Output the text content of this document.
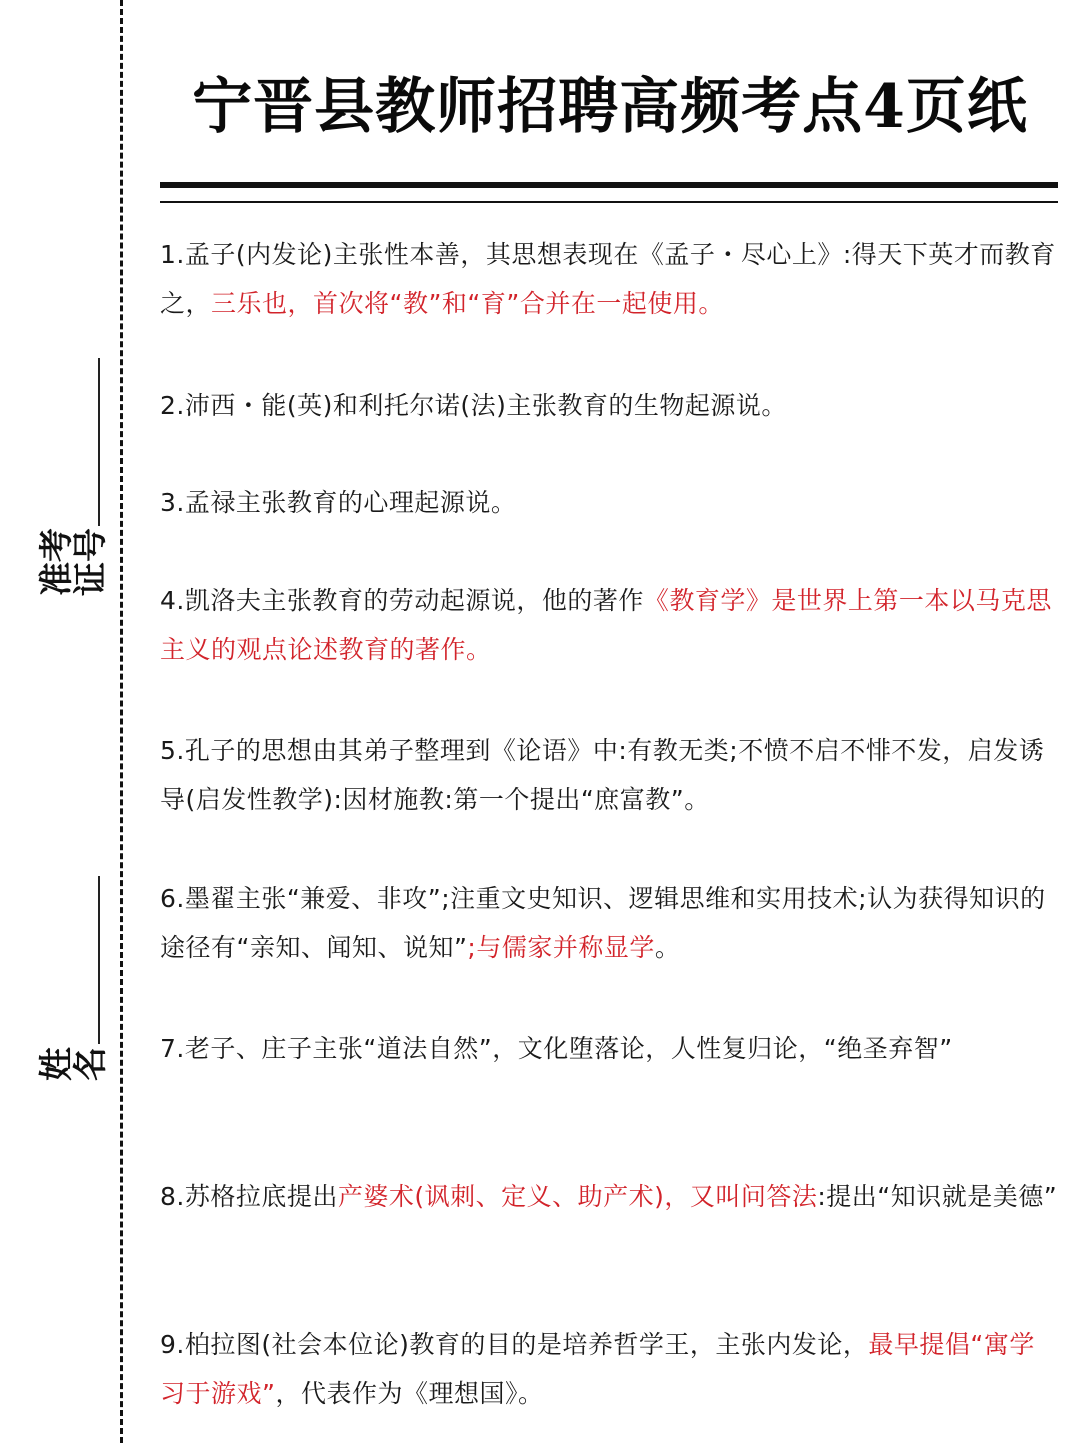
准考
证号
姓
名
宁晋县教师招聘高频考点4页纸
1.孟子(内发论)主张性本善，其思想表现在《孟子・尽心上》:得天下英才而教育之，三乐也，首次将“教”和“育”合并在一起使用。
2.沛西・能(英)和利托尔诺(法)主张教育的生物起源说。
3.孟禄主张教育的心理起源说。
4.凯洛夫主张教育的劳动起源说，他的著作《教育学》是世界上第一本以马克思主义的观点论述教育的著作。
5.孔子的思想由其弟子整理到《论语》中:有教无类;不愤不启不悱不发，启发诱导(启发性教学):因材施教:第一个提出“庶富教”。
6.墨翟主张“兼爱、非攻”;注重文史知识、逻辑思维和实用技术;认为获得知识的途径有“亲知、闻知、说知”;与儒家并称显学。
7.老子、庄子主张“道法自然”，文化堕落论，人性复归论，“绝圣弃智”
8.苏格拉底提出产婆术(讽刺、定义、助产术)，又叫问答法:提出“知识就是美德”
9.柏拉图(社会本位论)教育的目的是培养哲学王，主张内发论，最早提倡“寓学习于游戏”，代表作为《理想国》。
